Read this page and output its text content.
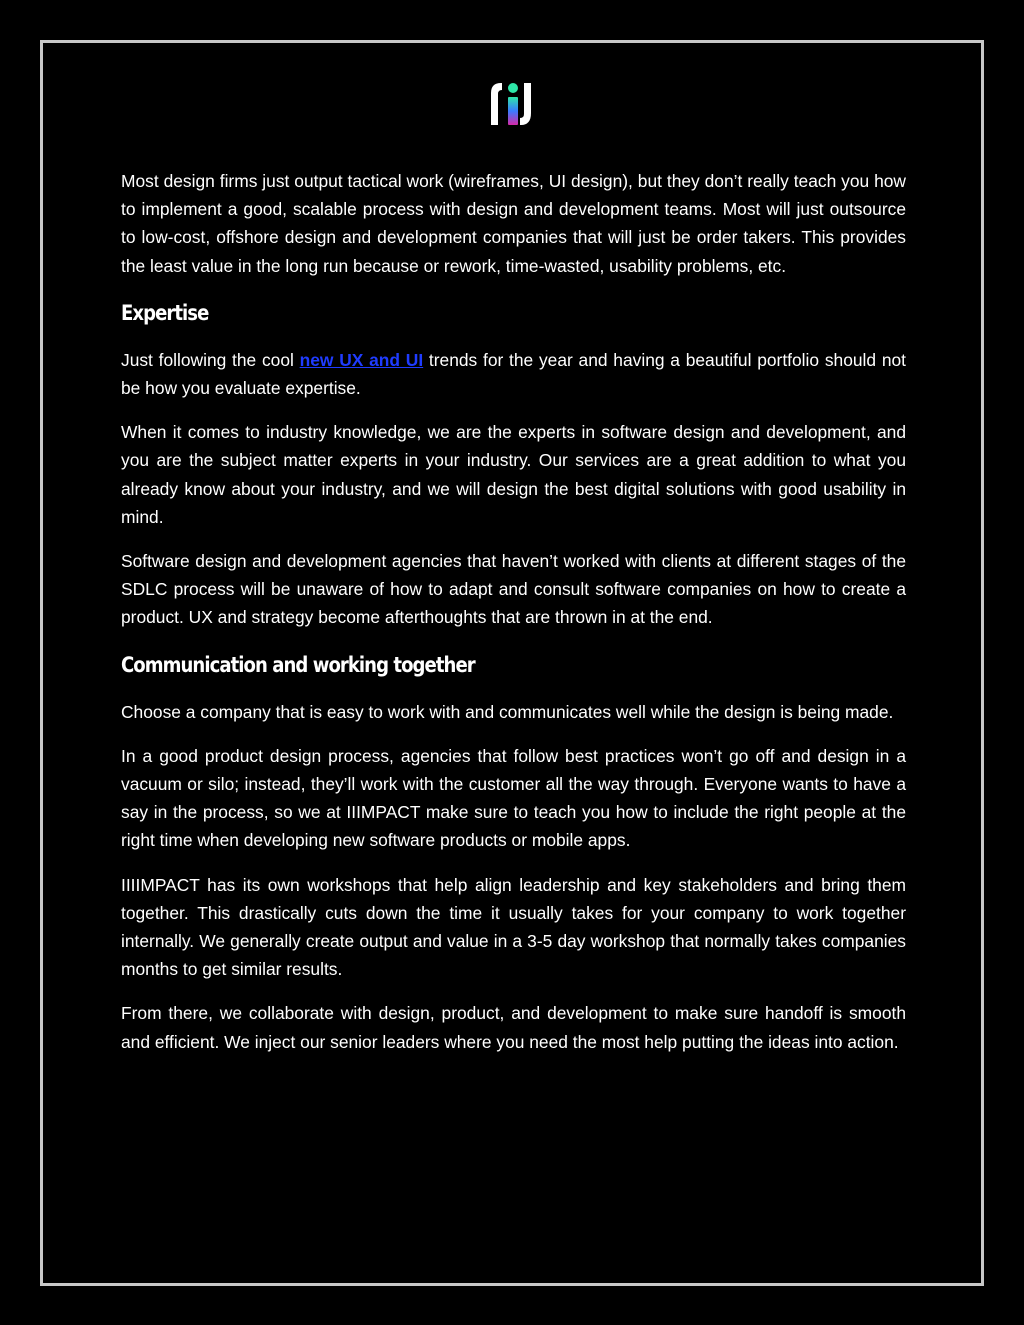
Most design firms just output tactical work (wireframes, UI design), but they don’t really teach you how to implement a good, scalable process with design and development teams. Most will just outsource to low-cost, offshore design and development companies that will just be order takers. This provides the least value in the long run because or rework, time-wasted, usability problems, etc.

Expertise

Just following the cool new UX and UI trends for the year and having a beautiful portfolio should not be how you evaluate expertise.

When it comes to industry knowledge, we are the experts in software design and development, and you are the subject matter experts in your industry. Our services are a great addition to what you already know about your industry, and we will design the best digital solutions with good usability in mind.

Software design and development agencies that haven’t worked with clients at different stages of the SDLC process will be unaware of how to adapt and consult software companies on how to create a product. UX and strategy become afterthoughts that are thrown in at the end.

Communication and working together

Choose a company that is easy to work with and communicates well while the design is being made.

In a good product design process, agencies that follow best practices won’t go off and design in a vacuum or silo; instead, they’ll work with the customer all the way through. Everyone wants to have a say in the process, so we at IIIMPACT make sure to teach you how to include the right people at the right time when developing new software products or mobile apps.

IIIIMPACT has its own workshops that help align leadership and key stakeholders and bring them together. This drastically cuts down the time it usually takes for your company to work together internally. We generally create output and value in a 3-5 day workshop that normally takes companies months to get similar results.

From there, we collaborate with design, product, and development to make sure handoff is smooth and efficient. We inject our senior leaders where you need the most help putting the ideas into action.
